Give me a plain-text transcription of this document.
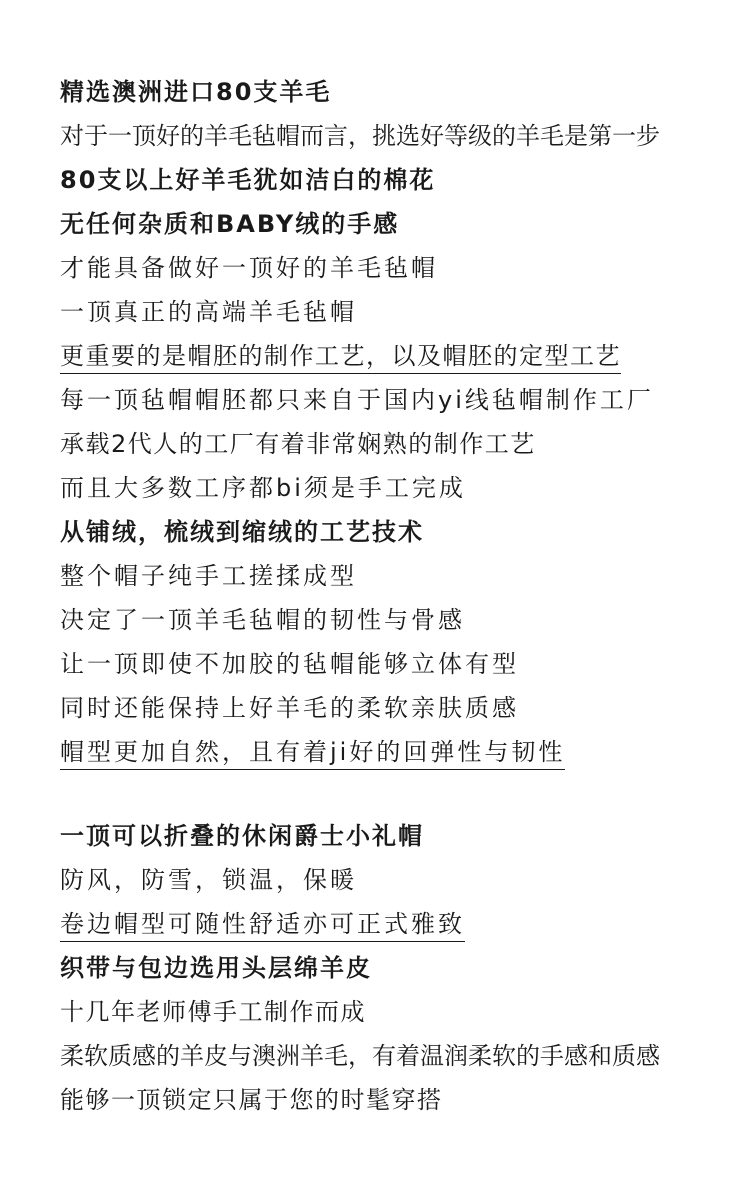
精选澳洲进口80支羊毛
对于一顶好的羊毛毡帽而言，挑选好等级的羊毛是第一步
80支以上好羊毛犹如洁白的棉花
无任何杂质和BABY绒的手感
才能具备做好一顶好的羊毛毡帽
一顶真正的高端羊毛毡帽
更重要的是帽胚的制作工艺，以及帽胚的定型工艺
每一顶毡帽帽胚都只来自于国内yi线毡帽制作工厂
承载2代人的工厂有着非常娴熟的制作工艺
而且大多数工序都bi须是手工完成
从铺绒，梳绒到缩绒的工艺技术
整个帽子纯手工搓揉成型
决定了一顶羊毛毡帽的韧性与骨感
让一顶即使不加胶的毡帽能够立体有型
同时还能保持上好羊毛的柔软亲肤质感
帽型更加自然，且有着ji好的回弹性与韧性
一顶可以折叠的休闲爵士小礼帽
防风，防雪，锁温，保暖
卷边帽型可随性舒适亦可正式雅致
织带与包边选用头层绵羊皮
十几年老师傅手工制作而成
柔软质感的羊皮与澳洲羊毛，有着温润柔软的手感和质感
能够一顶锁定只属于您的时髦穿搭
